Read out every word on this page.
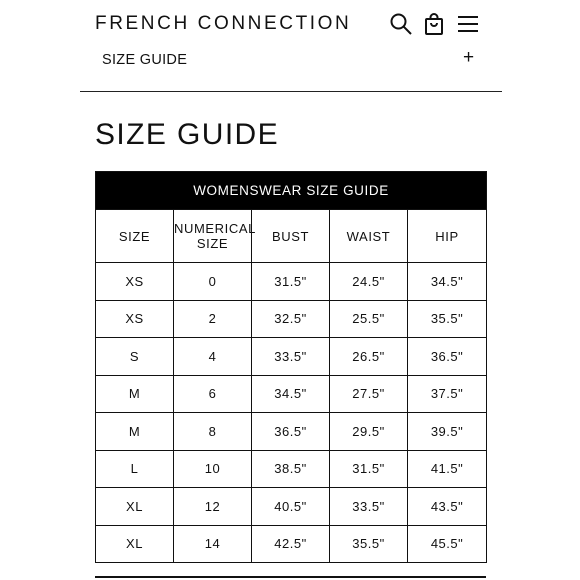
FRENCH CONNECTION
SIZE GUIDE	+
SIZE GUIDE
WOMENSWEAR SIZE GUIDE				
SIZE	NUMERICAL SIZE	BUST	WAIST	HIP
XS	0	31.5"	24.5"	34.5"
XS	2	32.5"	25.5"	35.5"
S	4	33.5"	26.5"	36.5"
M	6	34.5"	27.5"	37.5"
M	8	36.5"	29.5"	39.5"
L	10	38.5"	31.5"	41.5"
XL	12	40.5"	33.5"	43.5"
XL	14	42.5"	35.5"	45.5"
